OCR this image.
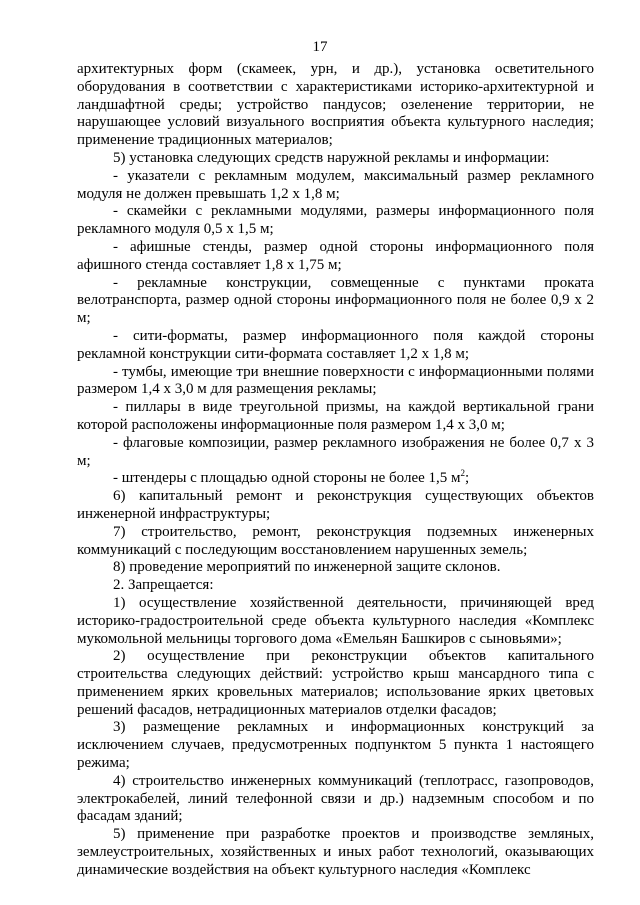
17

архитектурных форм (скамеек, урн, и др.), установка осветительного оборудования в соответствии с характеристиками историко-архитектурной и ландшафтной среды; устройство пандусов; озеленение территории, не нарушающее условий визуального восприятия объекта культурного наследия; применение традиционных материалов;

5) установка следующих средств наружной рекламы и информации:

- указатели с рекламным модулем, максимальный размер рекламного модуля не должен превышать 1,2 х 1,8 м;

- скамейки с рекламными модулями, размеры информационного поля рекламного модуля 0,5 х 1,5 м;

- афишные стенды, размер одной стороны информационного поля афишного стенда составляет 1,8 х 1,75 м;

- рекламные конструкции, совмещенные с пунктами проката велотранспорта, размер одной стороны информационного поля не более 0,9 х 2 м;

- сити-форматы, размер информационного поля каждой стороны рекламной конструкции сити-формата составляет 1,2 х 1,8 м;

- тумбы, имеющие три внешние поверхности с информационными полями размером 1,4 х 3,0 м для размещения рекламы;

- пиллары в виде треугольной призмы, на каждой вертикальной грани которой расположены информационные поля размером 1,4 х 3,0 м;

- флаговые композиции, размер рекламного изображения не более 0,7 х 3 м;

- штендеры с площадью одной стороны не более 1,5 $м^2$;

6) капитальный ремонт и реконструкция существующих объектов инженерной инфраструктуры;

7) строительство, ремонт, реконструкция подземных инженерных коммуникаций с последующим восстановлением нарушенных земель;

8) проведение мероприятий по инженерной защите склонов.

2. Запрещается:

1) осуществление хозяйственной деятельности, причиняющей вред историко-градостроительной среде объекта культурного наследия «Комплекс мукомольной мельницы торгового дома «Емельян Башкиров с сыновьями»;

2) осуществление при реконструкции объектов капитального строительства следующих действий: устройство крыш мансардного типа с применением ярких кровельных материалов; использование ярких цветовых решений фасадов, нетрадиционных материалов отделки фасадов;

3) размещение рекламных и информационных конструкций за исключением случаев, предусмотренных подпунктом 5 пункта 1 настоящего режима;

4) строительство инженерных коммуникаций (теплотрасс, газопроводов, электрокабелей, линий телефонной связи и др.) надземным способом и по фасадам зданий;

5) применение при разработке проектов и производстве земляных, землеустроительных, хозяйственных и иных работ технологий, оказывающих динамические воздействия на объект культурного наследия «Комплекс
